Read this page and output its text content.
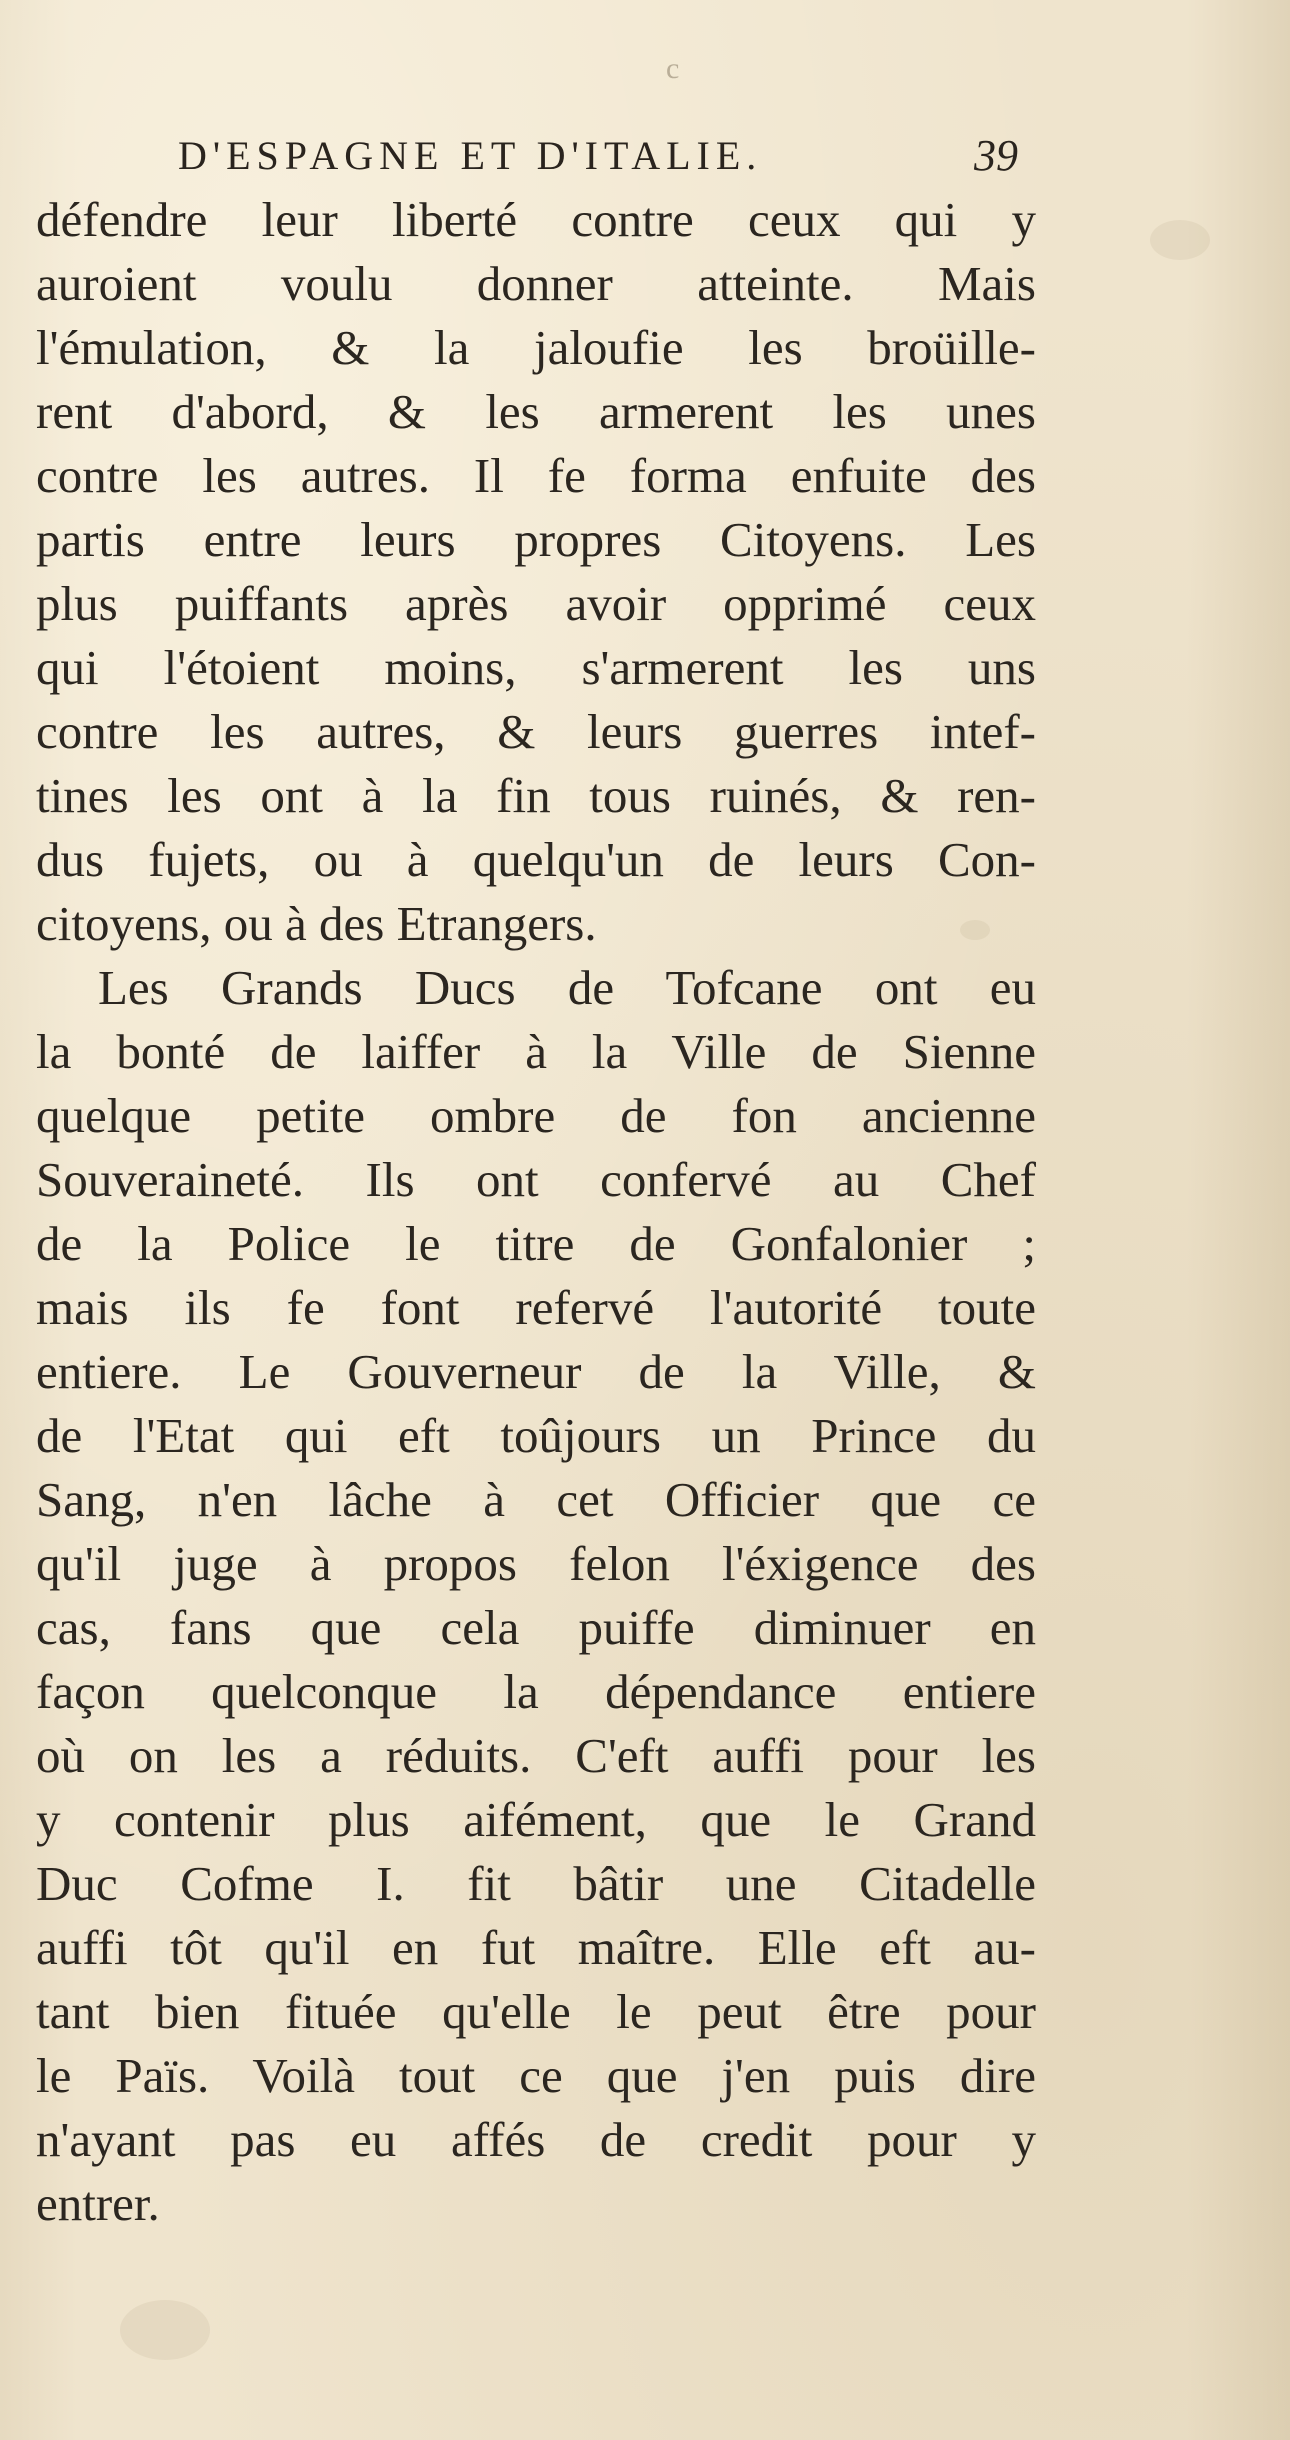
c
D'ESPAGNE ET D'ITALIE.	39
défendre leur liberté contre ceux qui y
auroient voulu donner atteinte. Mais
l'émulation, & la jaloufie les broüille-
rent d'abord, & les armerent les unes
contre les autres. Il fe forma enfuite des
partis entre leurs propres Citoyens. Les
plus puiffants après avoir opprimé ceux
qui l'étoient moins, s'armerent les uns
contre les autres, & leurs guerres intef-
tines les ont à la fin tous ruinés, & ren-
dus fujets, ou à quelqu'un de leurs Con-
citoyens, ou à des Etrangers.
Les Grands Ducs de Tofcane ont eu
la bonté de laiffer à la Ville de Sienne
quelque petite ombre de fon ancienne
Souveraineté. Ils ont confervé au Chef
de la Police le titre de Gonfalonier ;
mais ils fe font refervé l'autorité toute
entiere. Le Gouverneur de la Ville, &
de l'Etat qui eft toûjours un Prince du
Sang, n'en lâche à cet Officier que ce
qu'il juge à propos felon l'éxigence des
cas, fans que cela puiffe diminuer en
façon quelconque la dépendance entiere
où on les a réduits. C'eft auffi pour les
y contenir plus aifément, que le Grand
Duc Cofme I. fit bâtir une Citadelle
auffi tôt qu'il en fut maître. Elle eft au-
tant bien fituée qu'elle le peut être pour
le Païs. Voilà tout ce que j'en puis dire
n'ayant pas eu affés de credit pour y
entrer.
